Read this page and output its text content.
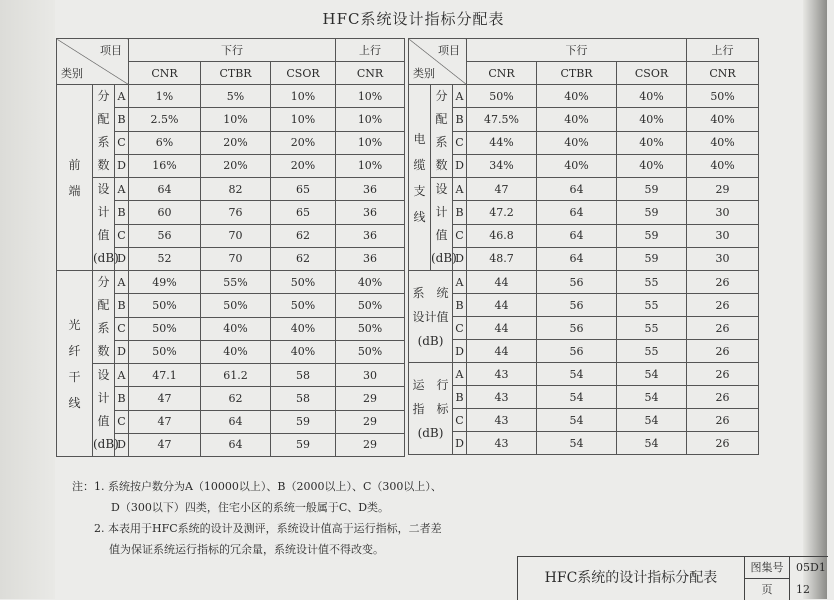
HFC系统设计指标分配表
项目
类别			下行			上行
			CNR	CTBR	CSOR	CNR
前端	分配系数	A	1%	5%	10%	10%
		B	2.5%	10%	10%	10%
		C	6%	20%	20%	10%
		D	16%	20%	20%	10%
	设计值(dB)	A	64	82	65	36
		B	60	76	65	36
		C	56	70	62	36
		D	52	70	62	36
光纤干线	分配系数	A	49%	55%	50%	40%
		B	50%	50%	50%	50%
		C	50%	40%	40%	50%
		D	50%	40%	40%	50%
	设计值(dB)	A	47.1	61.2	58	30
		B	47	62	58	29
		C	47	64	59	29
		D	47	64	59	29
项目
类别			下行			上行
			CNR	CTBR	CSOR	CNR
电缆支线	分配系数	A	50%	40%	40%	50%
		B	47.5%	40%	40%	40%
		C	44%	40%	40%	40%
		D	34%	40%	40%	40%
	设计值(dB)	A	47	64	59	29
		B	47.2	64	59	30
		C	46.8	64	59	30
		D	48.7	64	59	30

系　统
设计值
(dB)		A	44	56	55	26
		B	44	56	55	26
		C	44	56	55	26
		D	44	56	55	26

运　行
指　标
(dB)		A	43	54	54	26
		B	43	54	54	26
		C	43	54	54	26
		D	43	54	54	26
注：1. 系统按户数分为A（10000以上）、B（2000以上）、C（300以上）、
D（300以下）四类，住宅小区的系统一般属于C、D类。
2. 本表用于HFC系统的设计及测评，系统设计值高于运行指标，二者差
值为保证系统运行指标的冗余量，系统设计值不得改变。
HFC系统的设计指标分配表
图集号	05D1
页	12
